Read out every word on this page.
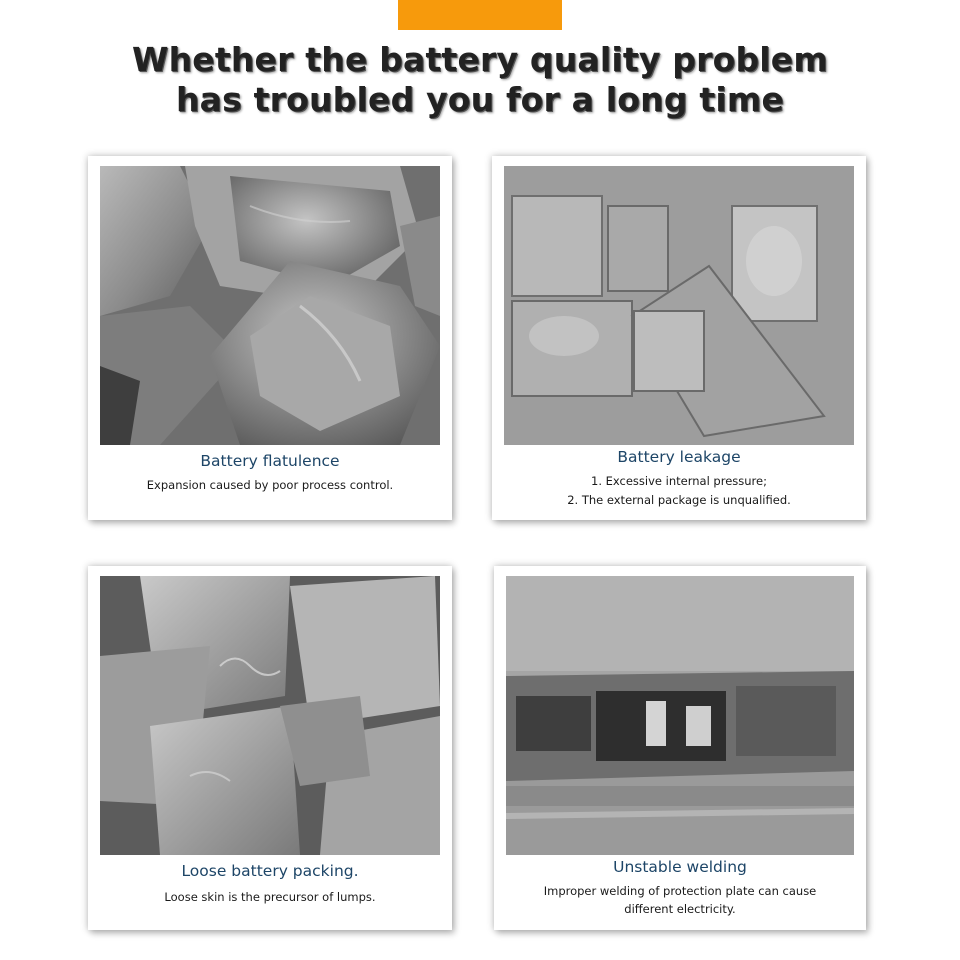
Whether the battery quality problem
has troubled you for a long time
Battery flatulence
Expansion caused by poor process control.
Battery leakage
1. Excessive internal pressure;
2. The external package is unqualified.
Loose battery packing.
Loose skin is the precursor of lumps.
Unstable welding
Improper welding of protection plate can cause
different electricity.
